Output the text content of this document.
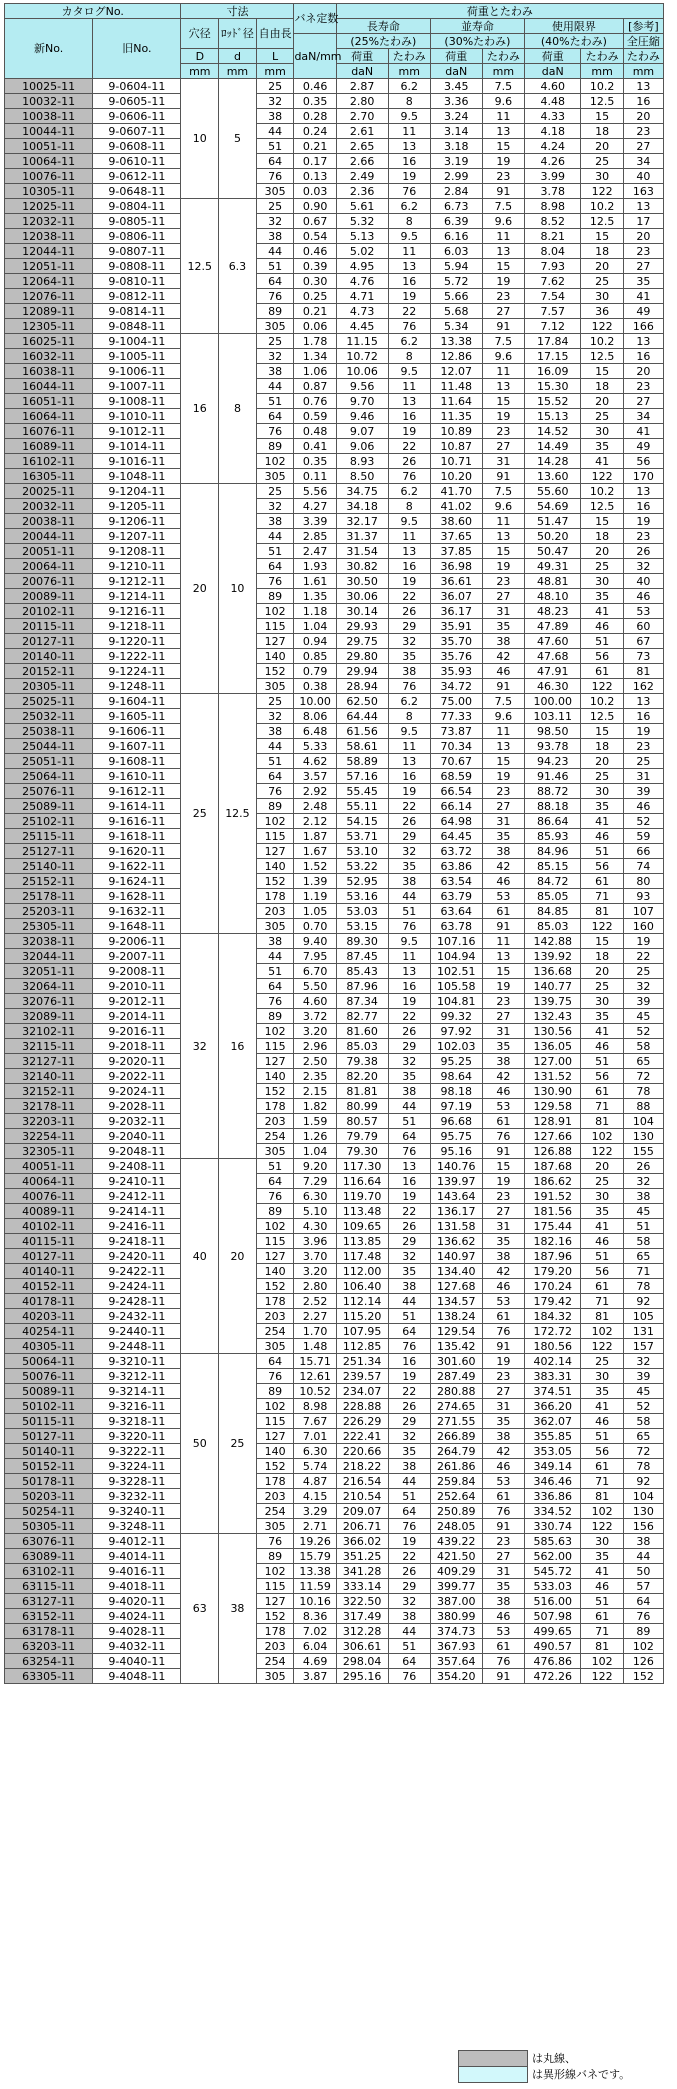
カタログNo.		寸法			バネ定数	荷重とたわみ						
新No.	旧No.	穴径	ﾛｯﾄﾞ径	自由長		長寿命		並寿命		使用限界		[参考]
					daN/mm	(25%たわみ)		(30%たわみ)		(40%たわみ)		全圧縮
		D	d	L		荷重	たわみ	荷重	たわみ	荷重	たわみ	たわみ
		mm	mm	mm		daN	mm	daN	mm	daN	mm	mm
10025-11	9-0604-11	10	5	25	0.46	2.87	6.2	3.45	7.5	4.60	10.2	13
10032-11	9-0605-11			32	0.35	2.80	8	3.36	9.6	4.48	12.5	16
10038-11	9-0606-11			38	0.28	2.70	9.5	3.24	11	4.33	15	20
10044-11	9-0607-11			44	0.24	2.61	11	3.14	13	4.18	18	23
10051-11	9-0608-11			51	0.21	2.65	13	3.18	15	4.24	20	27
10064-11	9-0610-11			64	0.17	2.66	16	3.19	19	4.26	25	34
10076-11	9-0612-11			76	0.13	2.49	19	2.99	23	3.99	30	40
10305-11	9-0648-11			305	0.03	2.36	76	2.84	91	3.78	122	163
12025-11	9-0804-11	12.5	6.3	25	0.90	5.61	6.2	6.73	7.5	8.98	10.2	13
12032-11	9-0805-11			32	0.67	5.32	8	6.39	9.6	8.52	12.5	17
12038-11	9-0806-11			38	0.54	5.13	9.5	6.16	11	8.21	15	20
12044-11	9-0807-11			44	0.46	5.02	11	6.03	13	8.04	18	23
12051-11	9-0808-11			51	0.39	4.95	13	5.94	15	7.93	20	27
12064-11	9-0810-11			64	0.30	4.76	16	5.72	19	7.62	25	35
12076-11	9-0812-11			76	0.25	4.71	19	5.66	23	7.54	30	41
12089-11	9-0814-11			89	0.21	4.73	22	5.68	27	7.57	36	49
12305-11	9-0848-11			305	0.06	4.45	76	5.34	91	7.12	122	166
16025-11	9-1004-11	16	8	25	1.78	11.15	6.2	13.38	7.5	17.84	10.2	13
16032-11	9-1005-11			32	1.34	10.72	8	12.86	9.6	17.15	12.5	16
16038-11	9-1006-11			38	1.06	10.06	9.5	12.07	11	16.09	15	20
16044-11	9-1007-11			44	0.87	9.56	11	11.48	13	15.30	18	23
16051-11	9-1008-11			51	0.76	9.70	13	11.64	15	15.52	20	27
16064-11	9-1010-11			64	0.59	9.46	16	11.35	19	15.13	25	34
16076-11	9-1012-11			76	0.48	9.07	19	10.89	23	14.52	30	41
16089-11	9-1014-11			89	0.41	9.06	22	10.87	27	14.49	35	49
16102-11	9-1016-11			102	0.35	8.93	26	10.71	31	14.28	41	56
16305-11	9-1048-11			305	0.11	8.50	76	10.20	91	13.60	122	170
20025-11	9-1204-11	20	10	25	5.56	34.75	6.2	41.70	7.5	55.60	10.2	13
20032-11	9-1205-11			32	4.27	34.18	8	41.02	9.6	54.69	12.5	16
20038-11	9-1206-11			38	3.39	32.17	9.5	38.60	11	51.47	15	19
20044-11	9-1207-11			44	2.85	31.37	11	37.65	13	50.20	18	23
20051-11	9-1208-11			51	2.47	31.54	13	37.85	15	50.47	20	26
20064-11	9-1210-11			64	1.93	30.82	16	36.98	19	49.31	25	32
20076-11	9-1212-11			76	1.61	30.50	19	36.61	23	48.81	30	40
20089-11	9-1214-11			89	1.35	30.06	22	36.07	27	48.10	35	46
20102-11	9-1216-11			102	1.18	30.14	26	36.17	31	48.23	41	53
20115-11	9-1218-11			115	1.04	29.93	29	35.91	35	47.89	46	60
20127-11	9-1220-11			127	0.94	29.75	32	35.70	38	47.60	51	67
20140-11	9-1222-11			140	0.85	29.80	35	35.76	42	47.68	56	73
20152-11	9-1224-11			152	0.79	29.94	38	35.93	46	47.91	61	81
20305-11	9-1248-11			305	0.38	28.94	76	34.72	91	46.30	122	162
25025-11	9-1604-11	25	12.5	25	10.00	62.50	6.2	75.00	7.5	100.00	10.2	13
25032-11	9-1605-11			32	8.06	64.44	8	77.33	9.6	103.11	12.5	16
25038-11	9-1606-11			38	6.48	61.56	9.5	73.87	11	98.50	15	19
25044-11	9-1607-11			44	5.33	58.61	11	70.34	13	93.78	18	23
25051-11	9-1608-11			51	4.62	58.89	13	70.67	15	94.23	20	25
25064-11	9-1610-11			64	3.57	57.16	16	68.59	19	91.46	25	31
25076-11	9-1612-11			76	2.92	55.45	19	66.54	23	88.72	30	39
25089-11	9-1614-11			89	2.48	55.11	22	66.14	27	88.18	35	46
25102-11	9-1616-11			102	2.12	54.15	26	64.98	31	86.64	41	52
25115-11	9-1618-11			115	1.87	53.71	29	64.45	35	85.93	46	59
25127-11	9-1620-11			127	1.67	53.10	32	63.72	38	84.96	51	66
25140-11	9-1622-11			140	1.52	53.22	35	63.86	42	85.15	56	74
25152-11	9-1624-11			152	1.39	52.95	38	63.54	46	84.72	61	80
25178-11	9-1628-11			178	1.19	53.16	44	63.79	53	85.05	71	93
25203-11	9-1632-11			203	1.05	53.03	51	63.64	61	84.85	81	107
25305-11	9-1648-11			305	0.70	53.15	76	63.78	91	85.03	122	160
32038-11	9-2006-11	32	16	38	9.40	89.30	9.5	107.16	11	142.88	15	19
32044-11	9-2007-11			44	7.95	87.45	11	104.94	13	139.92	18	22
32051-11	9-2008-11			51	6.70	85.43	13	102.51	15	136.68	20	25
32064-11	9-2010-11			64	5.50	87.96	16	105.58	19	140.77	25	32
32076-11	9-2012-11			76	4.60	87.34	19	104.81	23	139.75	30	39
32089-11	9-2014-11			89	3.72	82.77	22	99.32	27	132.43	35	45
32102-11	9-2016-11			102	3.20	81.60	26	97.92	31	130.56	41	52
32115-11	9-2018-11			115	2.96	85.03	29	102.03	35	136.05	46	58
32127-11	9-2020-11			127	2.50	79.38	32	95.25	38	127.00	51	65
32140-11	9-2022-11			140	2.35	82.20	35	98.64	42	131.52	56	72
32152-11	9-2024-11			152	2.15	81.81	38	98.18	46	130.90	61	78
32178-11	9-2028-11			178	1.82	80.99	44	97.19	53	129.58	71	88
32203-11	9-2032-11			203	1.59	80.57	51	96.68	61	128.91	81	104
32254-11	9-2040-11			254	1.26	79.79	64	95.75	76	127.66	102	130
32305-11	9-2048-11			305	1.04	79.30	76	95.16	91	126.88	122	155
40051-11	9-2408-11	40	20	51	9.20	117.30	13	140.76	15	187.68	20	26
40064-11	9-2410-11			64	7.29	116.64	16	139.97	19	186.62	25	32
40076-11	9-2412-11			76	6.30	119.70	19	143.64	23	191.52	30	38
40089-11	9-2414-11			89	5.10	113.48	22	136.17	27	181.56	35	45
40102-11	9-2416-11			102	4.30	109.65	26	131.58	31	175.44	41	51
40115-11	9-2418-11			115	3.96	113.85	29	136.62	35	182.16	46	58
40127-11	9-2420-11			127	3.70	117.48	32	140.97	38	187.96	51	65
40140-11	9-2422-11			140	3.20	112.00	35	134.40	42	179.20	56	71
40152-11	9-2424-11			152	2.80	106.40	38	127.68	46	170.24	61	78
40178-11	9-2428-11			178	2.52	112.14	44	134.57	53	179.42	71	92
40203-11	9-2432-11			203	2.27	115.20	51	138.24	61	184.32	81	105
40254-11	9-2440-11			254	1.70	107.95	64	129.54	76	172.72	102	131
40305-11	9-2448-11			305	1.48	112.85	76	135.42	91	180.56	122	157
50064-11	9-3210-11	50	25	64	15.71	251.34	16	301.60	19	402.14	25	32
50076-11	9-3212-11			76	12.61	239.57	19	287.49	23	383.31	30	39
50089-11	9-3214-11			89	10.52	234.07	22	280.88	27	374.51	35	45
50102-11	9-3216-11			102	8.98	228.88	26	274.65	31	366.20	41	52
50115-11	9-3218-11			115	7.67	226.29	29	271.55	35	362.07	46	58
50127-11	9-3220-11			127	7.01	222.41	32	266.89	38	355.85	51	65
50140-11	9-3222-11			140	6.30	220.66	35	264.79	42	353.05	56	72
50152-11	9-3224-11			152	5.74	218.22	38	261.86	46	349.14	61	78
50178-11	9-3228-11			178	4.87	216.54	44	259.84	53	346.46	71	92
50203-11	9-3232-11			203	4.15	210.54	51	252.64	61	336.86	81	104
50254-11	9-3240-11			254	3.29	209.07	64	250.89	76	334.52	102	130
50305-11	9-3248-11			305	2.71	206.71	76	248.05	91	330.74	122	156
63076-11	9-4012-11	63	38	76	19.26	366.02	19	439.22	23	585.63	30	38
63089-11	9-4014-11			89	15.79	351.25	22	421.50	27	562.00	35	44
63102-11	9-4016-11			102	13.38	341.28	26	409.29	31	545.72	41	50
63115-11	9-4018-11			115	11.59	333.14	29	399.77	35	533.03	46	57
63127-11	9-4020-11			127	10.16	322.50	32	387.00	38	516.00	51	64
63152-11	9-4024-11			152	8.36	317.49	38	380.99	46	507.98	61	76
63178-11	9-4028-11			178	7.02	312.28	44	374.73	53	499.65	71	89
63203-11	9-4032-11			203	6.04	306.61	51	367.93	61	490.57	81	102
63254-11	9-4040-11			254	4.69	298.04	64	357.64	76	476.86	102	126
63305-11	9-4048-11			305	3.87	295.16	76	354.20	91	472.26	122	152
は丸線、
は異形線バネです。
